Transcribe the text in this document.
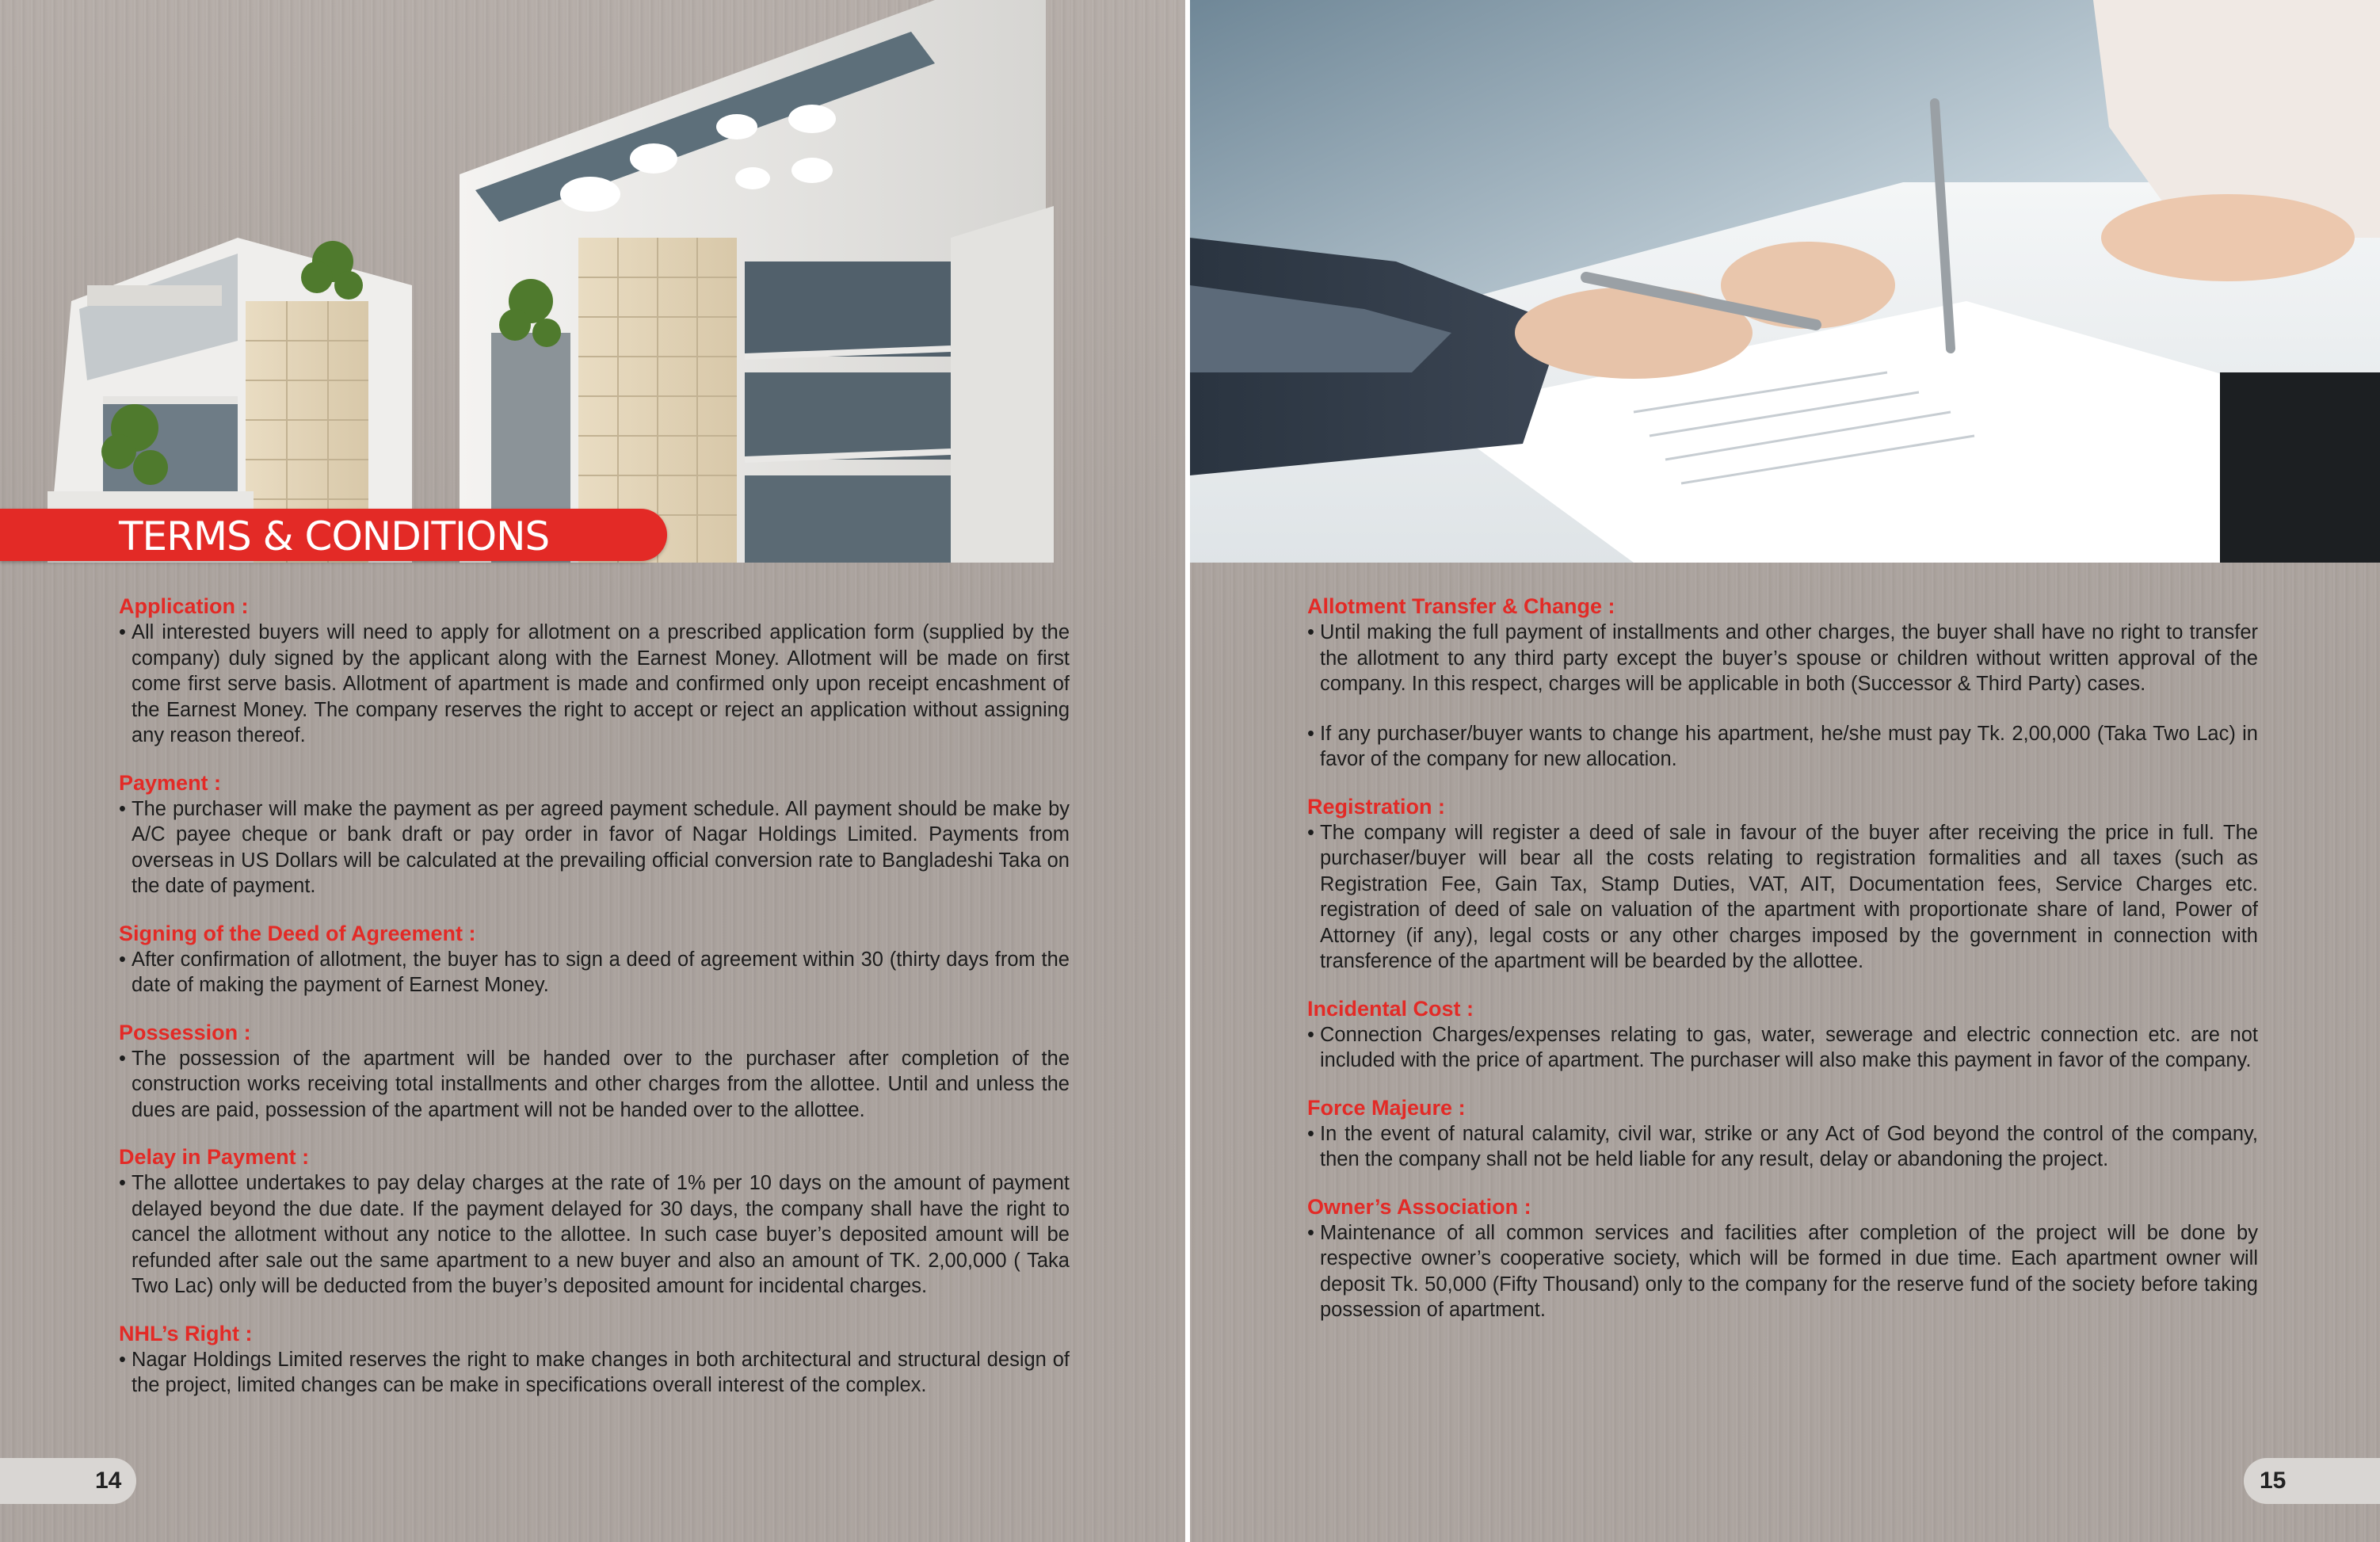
TERMS & CONDITIONS
Application :
• All interested buyers will need to apply for allotment on a prescribed application form (supplied by the company) duly signed by the applicant along with the Earnest Money. Allotment will be made on first come first serve basis. Allotment of apartment is made and confirmed only upon receipt encashment of the Earnest Money. The company reserves the right to accept or reject an application without assigning any reason thereof.
Payment :
• The purchaser will make the payment as per agreed payment schedule. All payment should be make by A/C payee cheque or bank draft or pay order in favor of Nagar Holdings Limited. Payments from overseas in US Dollars will be calculated at the prevailing official conversion rate to Bangladeshi Taka on the date of payment.
Signing of the Deed of Agreement :
• After confirmation of allotment, the buyer has to sign a deed of agreement within 30 (thirty days from the date of making the payment of Earnest Money.
Possession :
• The possession of the apartment will be handed over to the purchaser after completion of the construction works receiving total installments and other charges from the allottee. Until and unless the dues are paid, possession of the apartment will not be handed over to the allottee.
Delay in Payment :
• The allottee undertakes to pay delay charges at the rate of 1% per 10 days on the amount of payment delayed beyond the due date. If the payment delayed for 30 days, the company shall have the right to cancel the allotment without any notice to the allottee. In such case buyer’s deposited amount will be refunded after sale out the same apartment to a new buyer and also an amount of TK. 2,00,000 ( Taka Two Lac) only will be deducted from the buyer’s deposited amount for incidental charges.
NHL’s Right :
• Nagar Holdings Limited reserves the right to make changes in both architectural and structural design of the project, limited changes can be make in specifications overall interest of the complex.
14
Allotment Transfer & Change :
• Until making the full payment of installments and other charges, the buyer shall have no right to transfer the allotment to any third party except the buyer’s spouse or children without written approval of the company. In this respect, charges will be applicable in both (Successor & Third Party) cases.
• If any purchaser/buyer wants to change his apartment, he/she must pay Tk. 2,00,000 (Taka Two Lac) in favor of the company for new allocation.
Registration :
• The company will register a deed of sale in favour of the buyer after receiving the price in full. The purchaser/buyer will bear all the costs relating to registration formalities and all taxes (such as Registration Fee, Gain Tax, Stamp Duties, VAT, AIT, Documentation fees, Service Charges etc. registration of deed of sale on valuation of the apartment with proportionate share of land, Power of Attorney (if any), legal costs or any other charges imposed by the government in connection with transference of the apartment will be bearded by the allottee.
Incidental Cost :
• Connection Charges/expenses relating to gas, water, sewerage and electric connection etc. are not included with the price of apartment. The purchaser will also make this payment in favor of the company.
Force Majeure :
• In the event of natural calamity, civil war, strike or any Act of God beyond the control of the company, then the company shall not be held liable for any result, delay or abandoning the project.
Owner’s Association :
• Maintenance of all common services and facilities after completion of the project will be done by respective owner’s cooperative society, which will be formed in due time. Each apartment owner will deposit Tk. 50,000 (Fifty Thousand) only to the company for the reserve fund of the society before taking possession of apartment.
15
